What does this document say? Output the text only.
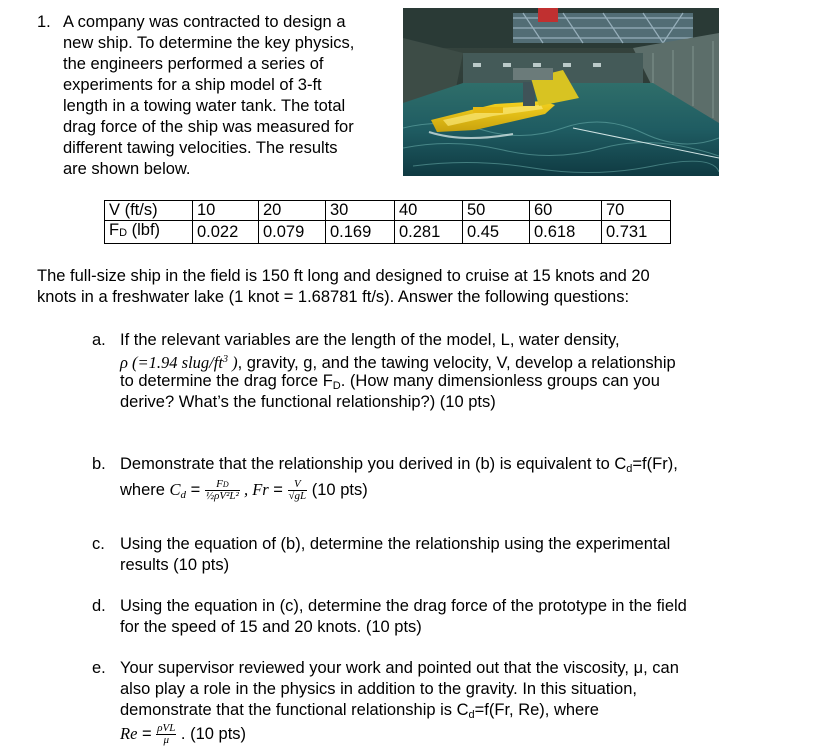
1. A company was contracted to design a
new ship. To determine the key physics,
the engineers performed a series of
experiments for a ship model of 3-ft
length in a towing water tank. The total
drag force of the ship was measured for
different tawing velocities. The results
are shown below.
V (ft/s)	10	20	30	40	50	60	70
FD (lbf)	0.022	0.079	0.169	0.281	0.45	0.618	0.731
The full-size ship in the field is 150 ft long and designed to cruise at 15 knots and 20
knots in a freshwater lake (1 knot = 1.68781 ft/s). Answer the following questions:
a. If the relevant variables are the length of the model, L, water density,
ρ (=1.94 slug/$ft^3$ ), gravity, g, and the tawing velocity, V, develop a relationship
to determine the drag force $F_D$. (How many dimensionless groups can you
derive? What’s the functional relationship?) (10 pts)
b. Demonstrate that the relationship you derived in (b) is equivalent to $C_d=f(Fr)$,
where $C_d = \frac{FD}{\text{½ρV²L²}}$ , $Fr = \frac{V}{√gL} (10$ pts)
c. Using the equation of (b), determine the relationship using the experimental
results (10 pts)
d. Using the equation in (c), determine the drag force of the prototype in the field
for the speed of 15 and 20 knots. (10 pts)
e. Your supervisor reviewed your work and pointed out that the viscosity, μ, can
also play a role in the physics in addition to the gravity. In this situation,
demonstrate that the functional relationship is $C_d=f(Fr$, Re), where
$Re = \frac{\text{ρVL}}{\mu}$ . (10 pts)
